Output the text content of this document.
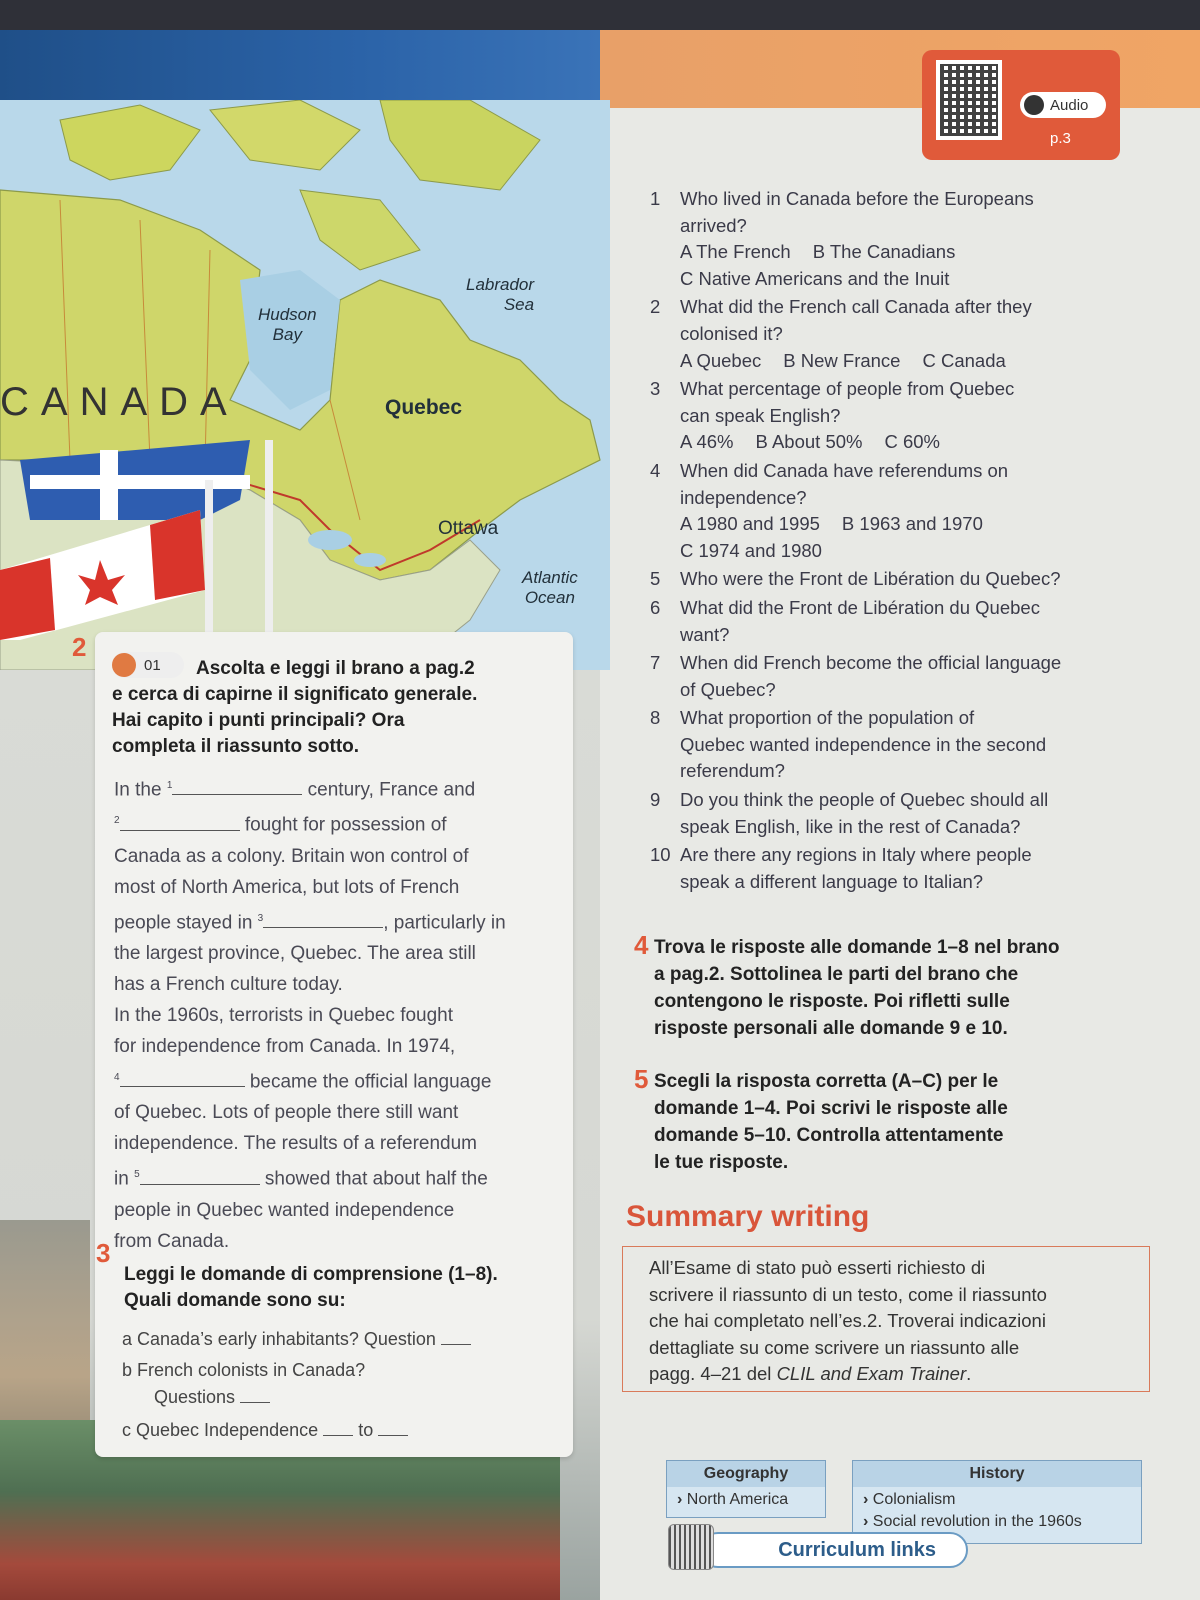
Labrador
Sea
Hudson
Bay
Quebec
Ottawa
Atlantic
Ocean
CANADA
Audio
p.3
2
01 Ascolta e leggi il brano a pag.2
e cerca di capirne il significato generale.
Hai capito i punti principali? Ora
completa il riassunto sotto.
In the $^1$	century, France and
$^2$	fought for possession of
Canada as a colony. Britain won control of
most of North America, but lots of French
people stayed in $^3$	, particularly in
the largest province, Quebec. The area still
has a French culture today.
In the 1960s, terrorists in Quebec fought
for independence from Canada. In 1974,
$^4$	became the official language
of Quebec. Lots of people there still want
independence. The results of a referendum
in $^5$	showed that about half the
people in Quebec wanted independence
from Canada.
3
Leggi le domande di comprensione (1–8).
Quali domande sono su:
a Canada’s early inhabitants? Question
b French colonists in Canada?
Questions
c Quebec Independence to
1	Who lived in Canada before the Europeans
arrived?
A The French B The Canadians
C Native Americans and the Inuit
2	What did the French call Canada after they
colonised it?
A Quebec B New France C Canada
3	What percentage of people from Quebec
can speak English?
A 46% B About 50% C 60%
4	When did Canada have referendums on
independence?
A 1980 and 1995 B 1963 and 1970
C 1974 and 1980
5	Who were the Front de Libération du Quebec?
6	What did the Front de Libération du Quebec
want?
7	When did French become the official language
of Quebec?
8	What proportion of the population of
Quebec wanted independence in the second
referendum?
9	Do you think the people of Quebec should all
speak English, like in the rest of Canada?
10 Are there any regions in Italy where people
speak a different language to Italian?
4 Trova le risposte alle domande 1–8 nel brano
a pag.2. Sottolinea le parti del brano che
contengono le risposte. Poi rifletti sulle
risposte personali alle domande 9 e 10.
5 Scegli la risposta corretta (A–C) per le
domande 1–4. Poi scrivi le risposte alle
domande 5–10. Controlla attentamente
le tue risposte.
Summary writing
All’Esame di stato può esserti richiesto di
scrivere il riassunto di un testo, come il riassunto
che hai completato nell’es.2. Troverai indicazioni
dettagliate su come scrivere un riassunto alle
pagg. 4–21 del CLIL and Exam Trainer.
Geography
› North America
History
› Colonialism
› Social revolution in the 1960s
Curriculum links
